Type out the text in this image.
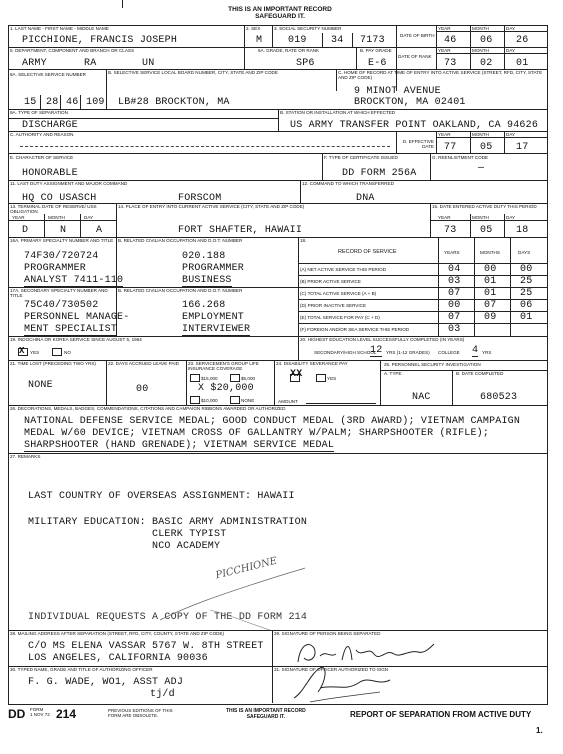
THIS IS AN IMPORTANT RECORD
SAFEGUARD IT.
1. LAST NAME - FIRST NAME - MIDDLE NAME
PICCHIONE, FRANCIS JOSEPH
2. SEX
M
3. SOCIAL SECURITY NUMBER
019 34 7173	DATE OF BIRTH
YEAR	MONTH	DAY
46 06 26
5. DEPARTMENT, COMPONENT AND BRANCH OR CLASS
ARMY	RA	UN
6A. GRADE, RATE OR RANK
SP6
B. PAY GRADE
E-6
DATE OF RANK
YEAR	MONTH	DAY
73 02 01
8A. SELECTIVE SERVICE NUMBER	B. SELECTIVE SERVICE LOCAL BOARD NUMBER, CITY, STATE AND ZIP CODE	C. HOME OF RECORD AT TIME OF ENTRY INTO ACTIVE SERVICE (STREET, RFD, CITY, STATE AND ZIP CODE)
15 28 46 109 LB#28 BROCKTON, MA
9 MINOT AVENUE
BROCKTON, MA 02401
9A. TYPE OF SEPARATION
DISCHARGE
B. STATION OR INSTALLATION AT WHICH EFFECTED
US ARMY TRANSFER POINT OAKLAND, CA 94626
C. AUTHORITY AND REASON
D. EFFECTIVE DATE
YEAR	MONTH	DAY
77 05 17
E. CHARACTER OF SERVICE
HONORABLE
F. TYPE OF CERTIFICATE ISSUED
DD FORM 256A
G. REENLISTMENT CODE
—
11. LAST DUTY ASSIGNMENT AND MAJOR COMMAND
HQ CO USASCH	FORSCOM
12. COMMAND TO WHICH TRANSFERRED
DNA
13. TERMINAL DATE OF RESERVE/ USS OBLIGATION
YEAR	MONTH	DAY
D	N	A
14. PLACE OF ENTRY INTO CURRENT ACTIVE SERVICE (CITY, STATE AND ZIP CODE)
FORT SHAFTER, HAWAII
15. DATE ENTERED ACTIVE DUTY THIS PERIOD
YEAR	MONTH	DAY
73 05 18
16A. PRIMARY SPECIALTY NUMBER AND TITLE B. RELATED CIVILIAN OCCUPATION AND D.O.T. NUMBER
17A. SECONDARY SPECIALTY NUMBER AND TITLE
B. RELATED CIVILIAN OCCUPATION AND D.O.T. NUMBER
74F30/720724
PROGRAMMER
ANALYST 7411-110
020.188
PROGRAMMER
BUSINESS
75C40/730502
PERSONNEL MANAGE-
MENT SPECIALIST
166.268
EMPLOYMENT
INTERVIEWER
18.
RECORD OF SERVICE	YEARS	MONTHS	DAYS
(A) NET ACTIVE SERVICE THIS PERIOD	04 00 00
(B) PRIOR ACTIVE SERVICE	03 01 25
(C) TOTAL ACTIVE SERVICE (A + B)	07 01 25
(D) PRIOR INACTIVE SERVICE	00 07 06
(E) TOTAL SERVICE FOR PAY (C + D)	07 09 01
(F) FOREIGN AND/OR SEA SERVICE THIS PERIOD	03
19. INDOCHINA OR KOREA SERVICE SINCE AUGUST 5, 1964
X YES	NO
20. HIGHEST EDUCATION LEVEL SUCCESSFULLY COMPLETED (IN YEARS)
SECONDARY/HIGH SCHOOL
12 YRS (1-12 GRADES) COLLEGE 4 YRS
21. TIME LOST (PRECEDING TWO YRS)
NONE
22. DAYS ACCRUED LEAVE PAID
00
23. SERVICEMEN'S GROUP LIFE INSURANCE COVERAGE
$15,000	$5,000
X $20,000
$10,000	NONE
24. DISABILITY SEVERANCE PAY
XX	YES
AMOUNT
25. PERSONNEL SECURITY INVESTIGATION
A. TYPE	B. DATE COMPLETED
NAC	680523
26. DECORATIONS, MEDALS, BADGES, COMMENDATIONS, CITATIONS AND CAMPAIGN RIBBONS AWARDED OR AUTHORIZED
NATIONAL DEFENSE SERVICE MEDAL; GOOD CONDUCT MEDAL (3RD AWARD); VIETNAM CAMPAIGN
MEDAL W/60 DEVICE; VIETNAM CROSS OF GALLANTRY W/PALM; SHARPSHOOTER (RIFLE);
SHARPSHOOTER (HAND GRENADE); VIETNAM SERVICE MEDAL
27. REMARKS
LAST COUNTRY OF OVERSEAS ASSIGNMENT: HAWAII
MILITARY EDUCATION: BASIC ARMY ADMINISTRATION
CLERK TYPIST
NCO ACADEMY
INDIVIDUAL REQUESTS A COPY OF THE DD FORM 214
PICCHIONE
28. MAILING ADDRESS AFTER SEPARATION (STREET, RFD, CITY, COUNTY, STATE AND ZIP CODE)
C/O MS ELENA VASSAR 5767 W. 8TH STREET
LOS ANGELES, CALIFORNIA 90036
29. SIGNATURE OF PERSON BEING SEPARATED
30. TYPED NAME, GRADE AND TITLE OF AUTHORIZING OFFICER
F. G. WADE, WO1, ASST ADJ
tj/d
31. SIGNATURE OF OFFICER AUTHORIZED TO SIGN
DD FORM
1 NOV 72 214	PREVIOUS EDITIONS OF THIS
FORM ARE OBSOLETE.
THIS IS AN IMPORTANT RECORD
SAFEGUARD IT.	REPORT OF SEPARATION FROM ACTIVE DUTY
1.
